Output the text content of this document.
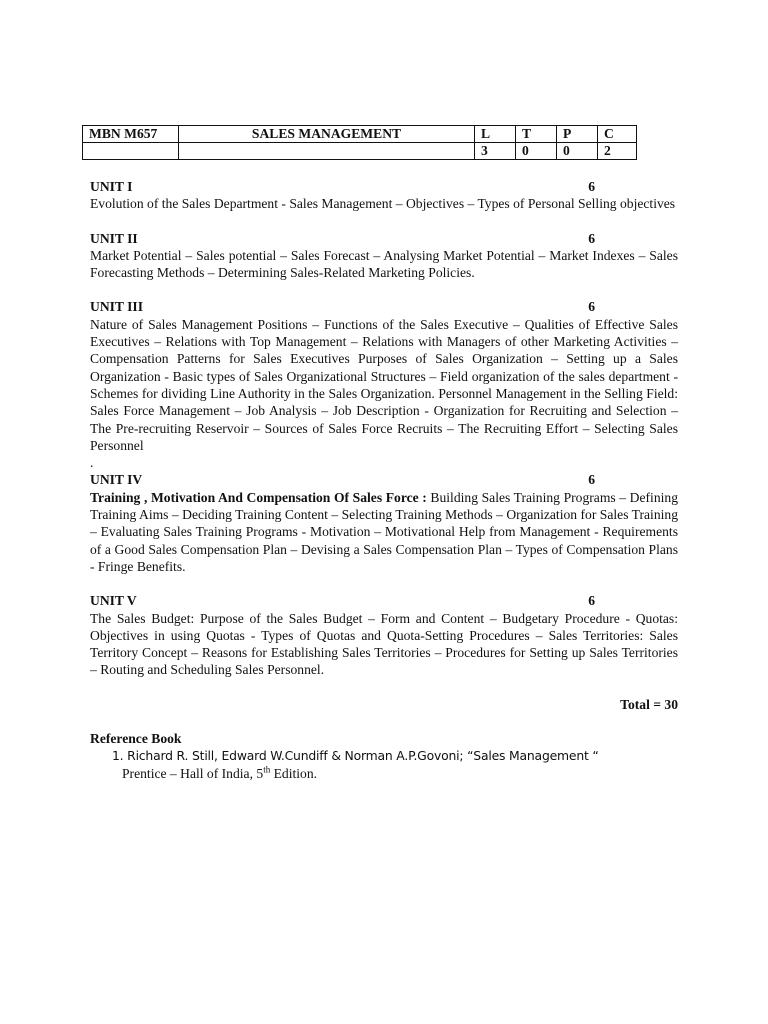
MBN M657	SALES MANAGEMENT	L	T	P	C
		3	0	0	2
UNIT I	6
Evolution of the Sales Department - Sales Management – Objectives – Types of Personal Selling objectives
UNIT II	6
Market Potential – Sales potential – Sales Forecast – Analysing Market Potential – Market Indexes – Sales Forecasting Methods – Determining Sales-Related Marketing Policies.
UNIT III	6
Nature of Sales Management Positions – Functions of the Sales Executive – Qualities of Effective Sales Executives – Relations with Top Management – Relations with Managers of other Marketing Activities – Compensation Patterns for Sales Executives Purposes of Sales Organization – Setting up a Sales Organization - Basic types of Sales Organizational Structures – Field organization of the sales department - Schemes for dividing Line Authority in the Sales Organization. Personnel Management in the Selling Field: Sales Force Management – Job Analysis – Job Description - Organization for Recruiting and Selection – The Pre-recruiting Reservoir – Sources of Sales Force Recruits – The Recruiting Effort – Selecting Sales Personnel
.
UNIT IV	6
Training , Motivation And Compensation Of Sales Force : Building Sales Training Programs – Defining Training Aims – Deciding Training Content – Selecting Training Methods – Organization for Sales Training – Evaluating Sales Training Programs - Motivation – Motivational Help from Management - Requirements of a Good Sales Compensation Plan – Devising a Sales Compensation Plan – Types of Compensation Plans - Fringe Benefits.
UNIT V	6
The Sales Budget: Purpose of the Sales Budget – Form and Content – Budgetary Procedure - Quotas: Objectives in using Quotas - Types of Quotas and Quota-Setting Procedures – Sales Territories: Sales Territory Concept – Reasons for Establishing Sales Territories – Procedures for Setting up Sales Territories – Routing and Scheduling Sales Personnel.
Total = 30
Reference Book
1. Richard R. Still, Edward W.Cundiff & Norman A.P.Govoni; “Sales Management “
Prentice – Hall of India, 5th Edition.
